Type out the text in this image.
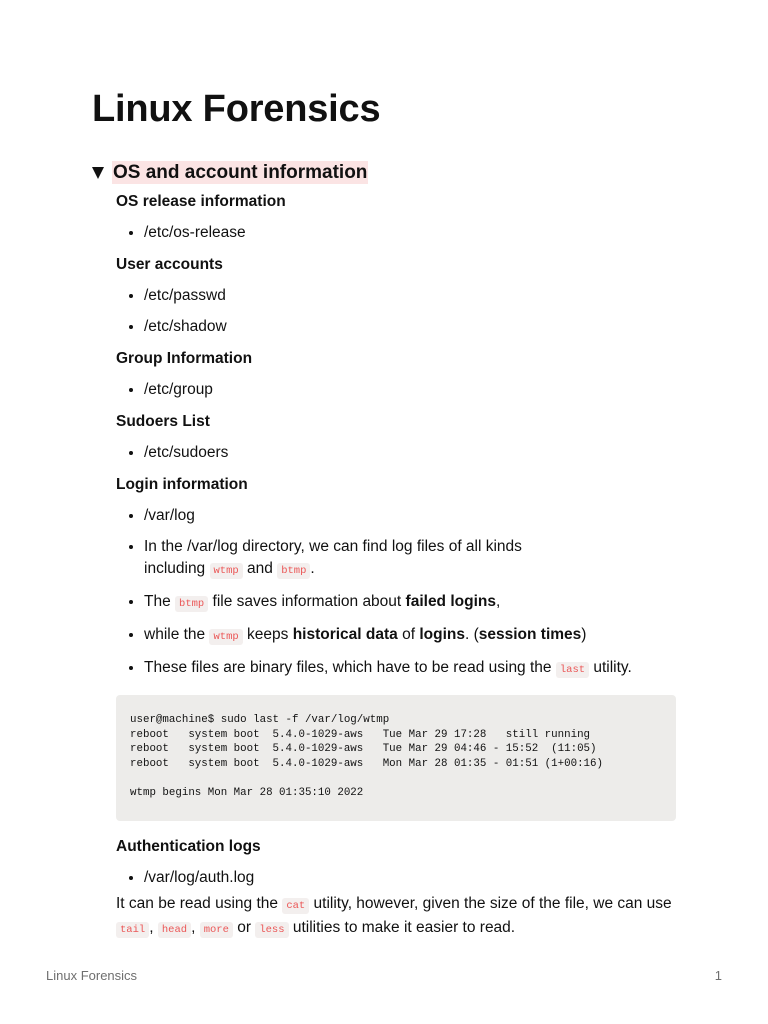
Linux Forensics
OS and account information
OS release information
• /etc/os-release
User accounts
• /etc/passwd
• /etc/shadow
Group Information
• /etc/group
Sudoers List
• /etc/sudoers
Login information
• /var/log
• In the /var/log directory, we can find log files of all kinds including wtmp and btmp .
• The btmp file saves information about failed logins,
• while the wtmp keeps historical data of logins. (session times)
• These files are binary files, which have to be read using the last utility.
user@machine$ sudo last -f /var/log/wtmp
reboot   system boot  5.4.0-1029-aws   Tue Mar 29 17:28   still running
reboot   system boot  5.4.0-1029-aws   Tue Mar 29 04:46 - 15:52  (11:05)
reboot   system boot  5.4.0-1029-aws   Mon Mar 28 01:35 - 01:51 (1+00:16)

wtmp begins Mon Mar 28 01:35:10 2022
Authentication logs
• /var/log/auth.log

It can be read using the cat utility, however, given the size of the file, we can use tail , head , more or less utilities to make it easier to read.

Linux Forensics	1
